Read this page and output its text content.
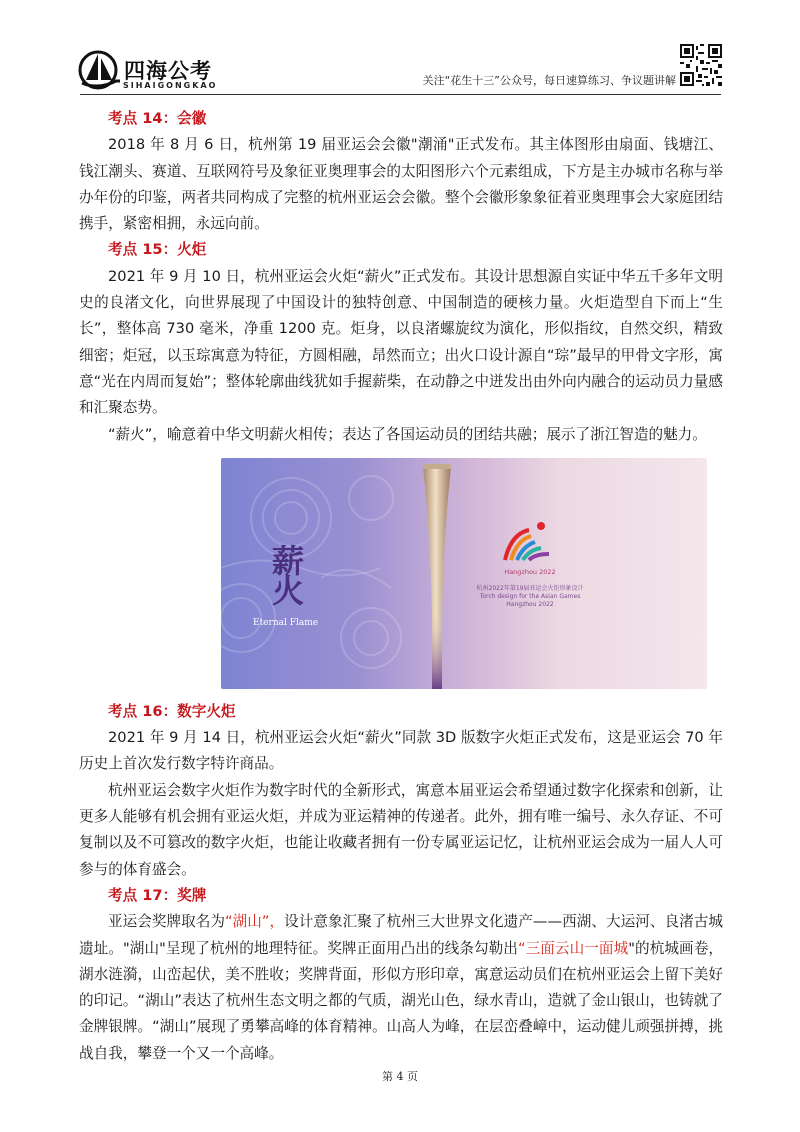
四海公考
SIHAIGONGKAO	关注“花生十三”公众号，每日速算练习、争议题讲解

考点 14：会徽

2018 年 8 月 6 日，杭州第 19 届亚运会会徽"潮涌"正式发布。其主体图形由扇面、钱塘江、钱江潮头、赛道、互联网符号及象征亚奥理事会的太阳图形六个元素组成，下方是主办城市名称与举办年份的印鉴，两者共同构成了完整的杭州亚运会会徽。整个会徽形象象征着亚奥理事会大家庭团结携手，紧密相拥，永远向前。

考点 15：火炬

2021 年 9 月 10 日，杭州亚运会火炬“薪火”正式发布。其设计思想源自实证中华五千多年文明史的良渚文化，向世界展现了中国设计的独特创意、中国制造的硬核力量。火炬造型自下而上“生长”，整体高 730 毫米，净重 1200 克。炬身，以良渚螺旋纹为演化，形似指纹，自然交织，精致细密；炬冠，以玉琮寓意为特征，方圆相融，昂然而立；出火口设计源自“琮”最早的甲骨文字形，寓意“光在内周而复始”；整体轮廓曲线犹如手握薪柴，在动静之中迸发出由外向内融合的运动员力量感和汇聚态势。

“薪火”，喻意着中华文明薪火相传；表达了各国运动员的团结共融；展示了浙江智造的魅力。

薪
火
Eternal Flame
Hangzhou 2022
杭州2022年第19届亚运会火炬形象设计
Torch design for the Asian Games Hangzhou 2022

考点 16：数字火炬

2021 年 9 月 14 日，杭州亚运会火炬“薪火”同款 3D 版数字火炬正式发布，这是亚运会 70 年历史上首次发行数字特许商品。

杭州亚运会数字火炬作为数字时代的全新形式，寓意本届亚运会希望通过数字化探索和创新，让更多人能够有机会拥有亚运火炬，并成为亚运精神的传递者。此外，拥有唯一编号、永久存证、不可复制以及不可篡改的数字火炬，也能让收藏者拥有一份专属亚运记忆，让杭州亚运会成为一届人人可参与的体育盛会。

考点 17：奖牌

亚运会奖牌取名为“湖山”，设计意象汇聚了杭州三大世界文化遗产——西湖、大运河、良渚古城遗址。"湖山"呈现了杭州的地理特征。奖牌正面用凸出的线条勾勒出“三面云山一面城"的杭城画卷，湖水涟漪，山峦起伏，美不胜收；奖牌背面，形似方形印章，寓意运动员们在杭州亚运会上留下美好的印记。“湖山”表达了杭州生态文明之都的气质，湖光山色，绿水青山，造就了金山银山，也铸就了金牌银牌。“湖山”展现了勇攀高峰的体育精神。山高人为峰，在层峦叠嶂中，运动健儿顽强拼搏，挑战自我，攀登一个又一个高峰。

第 4 页
